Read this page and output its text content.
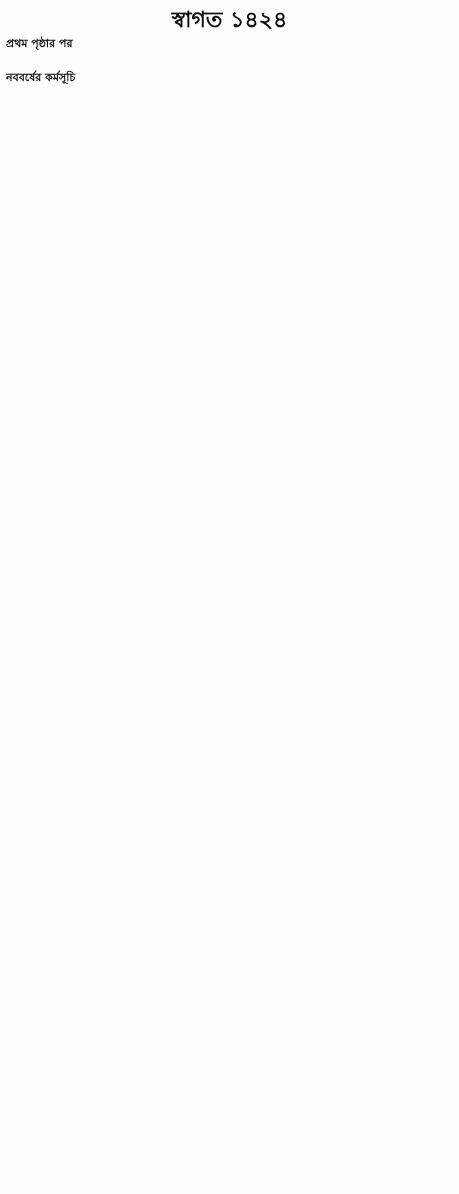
স্বাগত ১৪২৪

প্রথম পৃষ্ঠার পর

নববর্ষের কর্মসূচি
